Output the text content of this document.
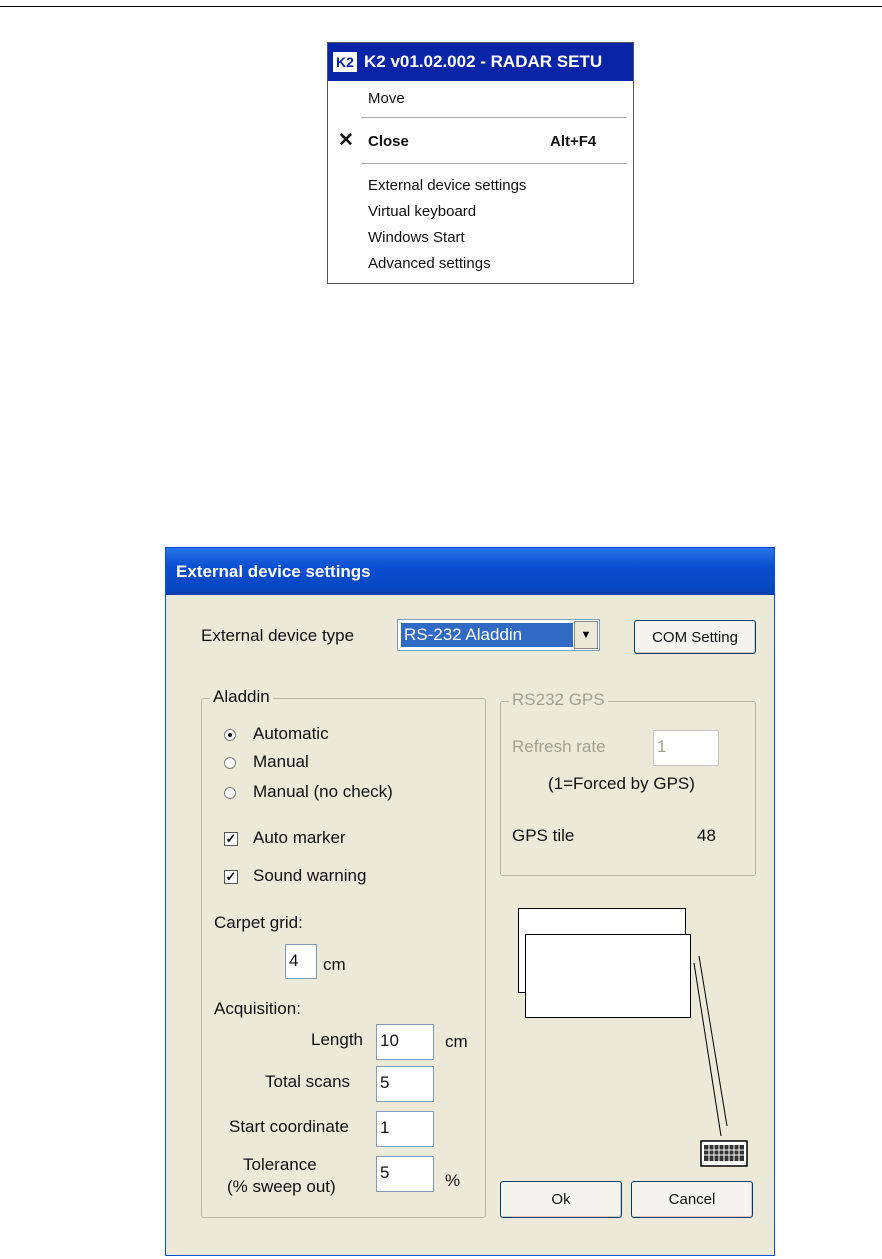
K2 K2 v01.02.002 - RADAR SETU
Move
✕ Close	Alt+F4
External device settings
Virtual keyboard
Windows Start
Advanced settings
External device settings
External device type	RS-232 Aladdin	▼	COM Setting
Aladdin
Automatic
Manual
Manual (no check)
✓ Auto marker
✓ Sound warning
Carpet grid:
4	cm
Acquisition:
Length 10	cm
Total scans 5
Start coordinate 1
Tolerance
(% sweep out)
5	%
RS232 GPS
Refresh rate	1
(1=Forced by GPS)
GPS tile	48
Ok	Cancel
